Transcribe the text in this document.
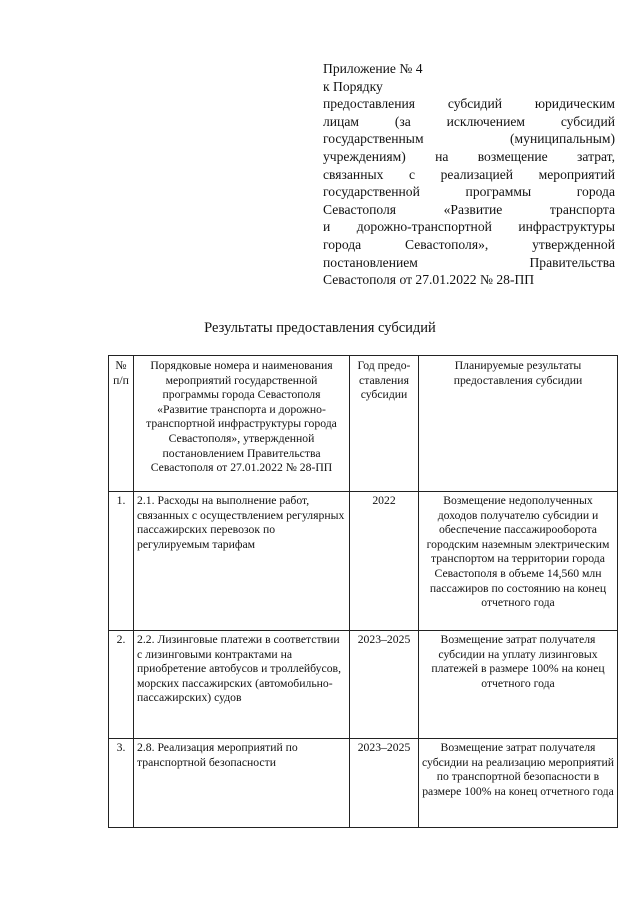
Приложение № 4
к Порядку
предоставления субсидий юридическим
лицам (за исключением субсидий
государственным (муниципальным)
учреждениям) на возмещение затрат,
связанных с реализацией мероприятий
государственной программы города
Севастополя «Развитие транспорта
и дорожно-транспортной инфраструктуры
города Севастополя», утвержденной
постановлением Правительства
Севастополя от 27.01.2022 № 28-ПП
Результаты предоставления субсидий
№ п/п	Порядковые номера и наименования мероприятий государственной программы города Севастополя «Развитие транспорта и дорожно-транспортной инфраструктуры города Севастополя», утвержденной постановлением Правительства Севастополя от 27.01.2022 № 28-ПП	Год предо-ставления субсидии	Планируемые результаты предоставления субсидии
1.	2.1. Расходы на выполнение работ, связанных с осуществлением регулярных пассажирских перевозок по регулируемым тарифам	2022	Возмещение недополученных доходов получателю субсидии и обеспечение пассажирооборота городским наземным электрическим транспортом на территории города Севастополя в объеме 14,560 млн пассажиров по состоянию на конец отчетного года
2.	2.2. Лизинговые платежи в соответствии с лизинговыми контрактами на приобретение автобусов и троллейбусов, морских пассажирских (автомобильно-пассажирских) судов	2023–2025	Возмещение затрат получателя субсидии на уплату лизинговых платежей в размере 100% на конец отчетного года
3.	2.8. Реализация мероприятий по транспортной безопасности	2023–2025	Возмещение затрат получателя субсидии на реализацию мероприятий по транспортной безопасности в размере 100% на конец отчетного года
